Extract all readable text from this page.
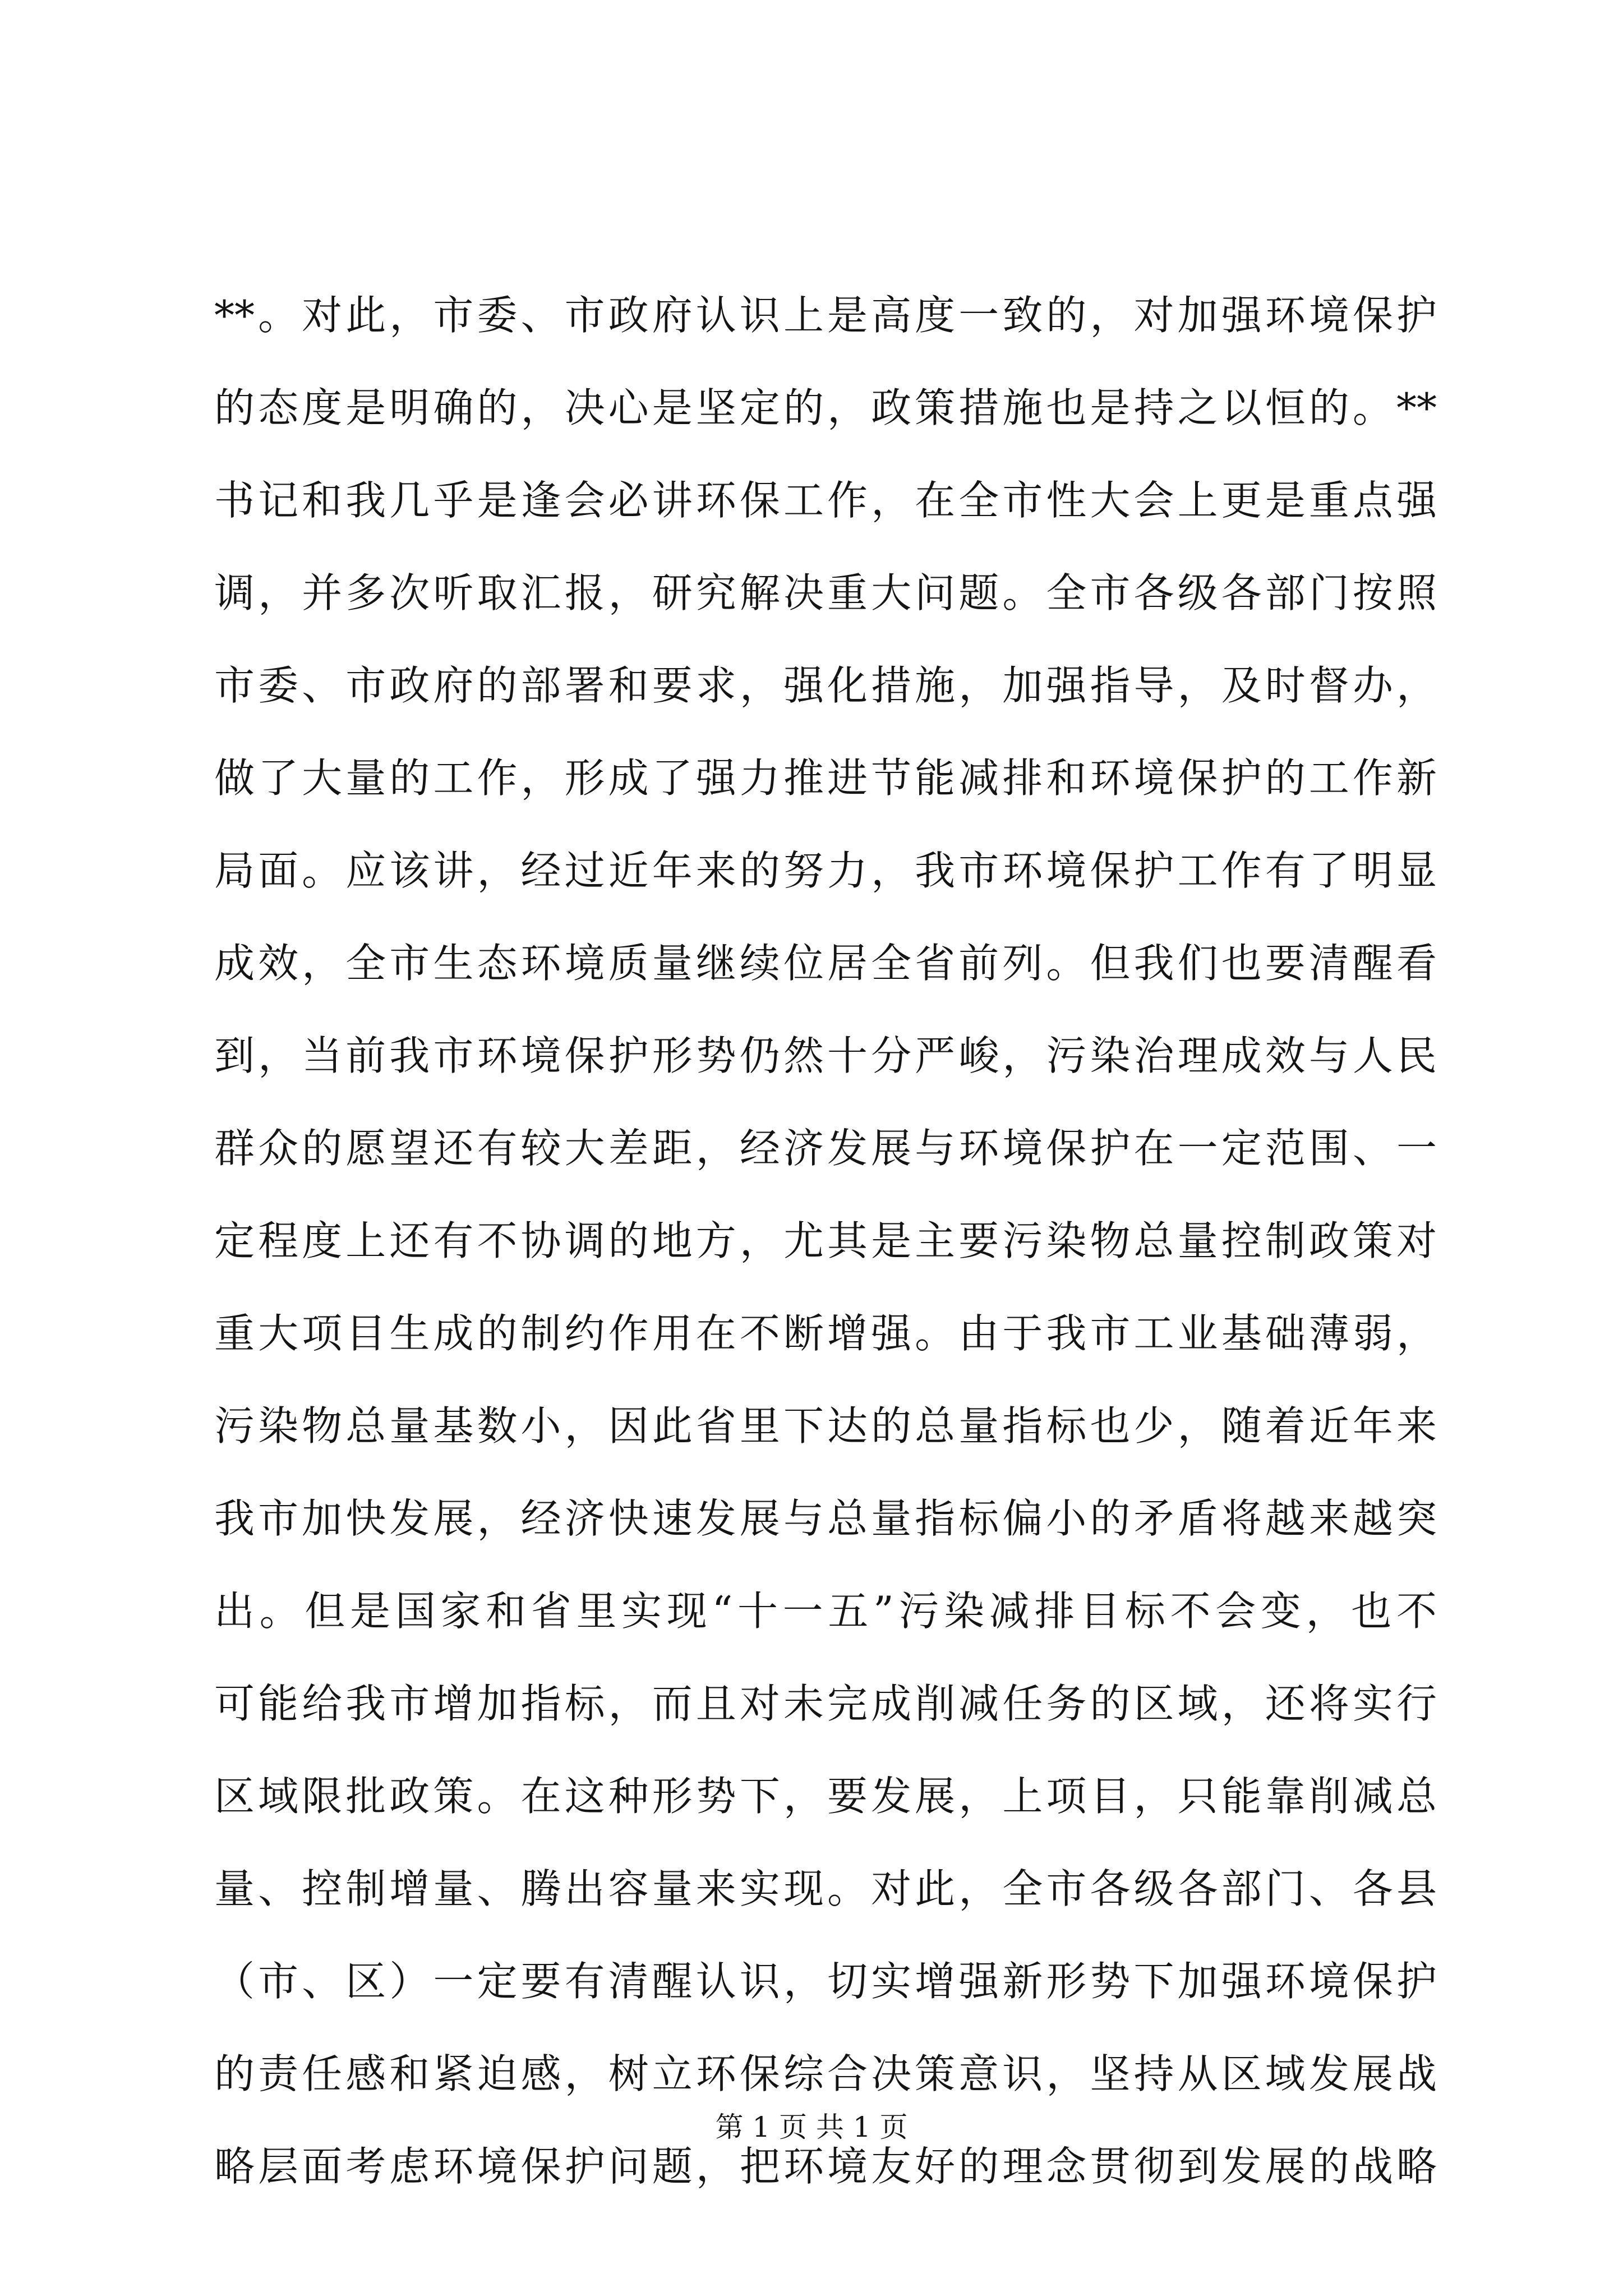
**。对此，市委、市政府认识上是高度一致的，对加强环境保护
的态度是明确的，决心是坚定的，政策措施也是持之以恒的。**
书记和我几乎是逢会必讲环保工作，在全市性大会上更是重点强
调，并多次听取汇报，研究解决重大问题。全市各级各部门按照
市委、市政府的部署和要求，强化措施，加强指导，及时督办，
做了大量的工作，形成了强力推进节能减排和环境保护的工作新
局面。应该讲，经过近年来的努力，我市环境保护工作有了明显
成效，全市生态环境质量继续位居全省前列。但我们也要清醒看
到，当前我市环境保护形势仍然十分严峻，污染治理成效与人民
群众的愿望还有较大差距，经济发展与环境保护在一定范围、一
定程度上还有不协调的地方，尤其是主要污染物总量控制政策对
重大项目生成的制约作用在不断增强。由于我市工业基础薄弱，
污染物总量基数小，因此省里下达的总量指标也少，随着近年来
我市加快发展，经济快速发展与总量指标偏小的矛盾将越来越突
出。但是国家和省里实现“十一五”污染减排目标不会变，也不
可能给我市增加指标，而且对未完成削减任务的区域，还将实行
区域限批政策。在这种形势下，要发展，上项目，只能靠削减总
量、控制增量、腾出容量来实现。对此，全市各级各部门、各县
（市、区）一定要有清醒认识，切实增强新形势下加强环境保护
的责任感和紧迫感，树立环保综合决策意识，坚持从区域发展战
略层面考虑环境保护问题，把环境友好的理念贯彻到发展的战略
第 1 页 共 1 页
